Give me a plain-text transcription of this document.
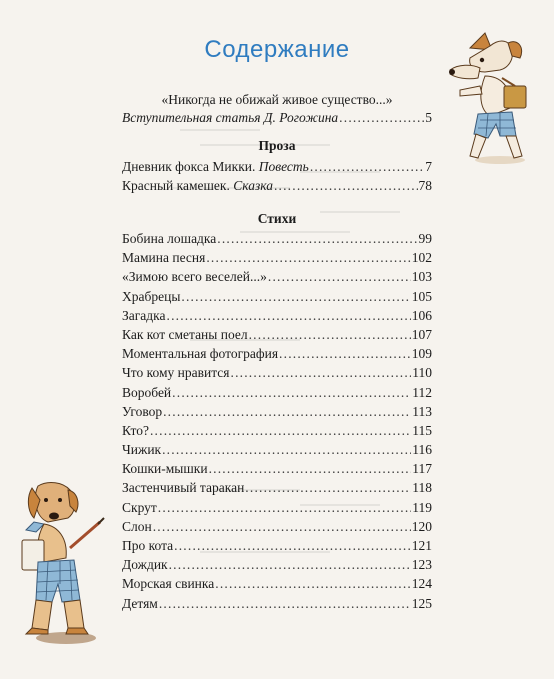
Содержание
«Никогда не обижай живое существо...»
Вступительная статья Д. Рогожина .....	5
Проза
Дневник фокса Микки. Повесть .....	7
Красный камешек. Сказка .....	78
Стихи
Бобина лошадка .....	99
Мамина песня .....	102
«Зимою всего веселей...» .....	103
Храбрецы .....	105
Загадка .....	106
Как кот сметаны поел .....	107
Моментальная фотография .....	109
Что кому нравится .....	110
Воробей .....	112
Уговор .....	113
Кто? .....	115
Чижик .....	116
Кошки-мышки .....	117
Застенчивый таракан .....	118
Скрут .....	119
Слон .....	120
Про кота .....	121
Дождик .....	123
Морская свинка .....	124
Детям .....	125
